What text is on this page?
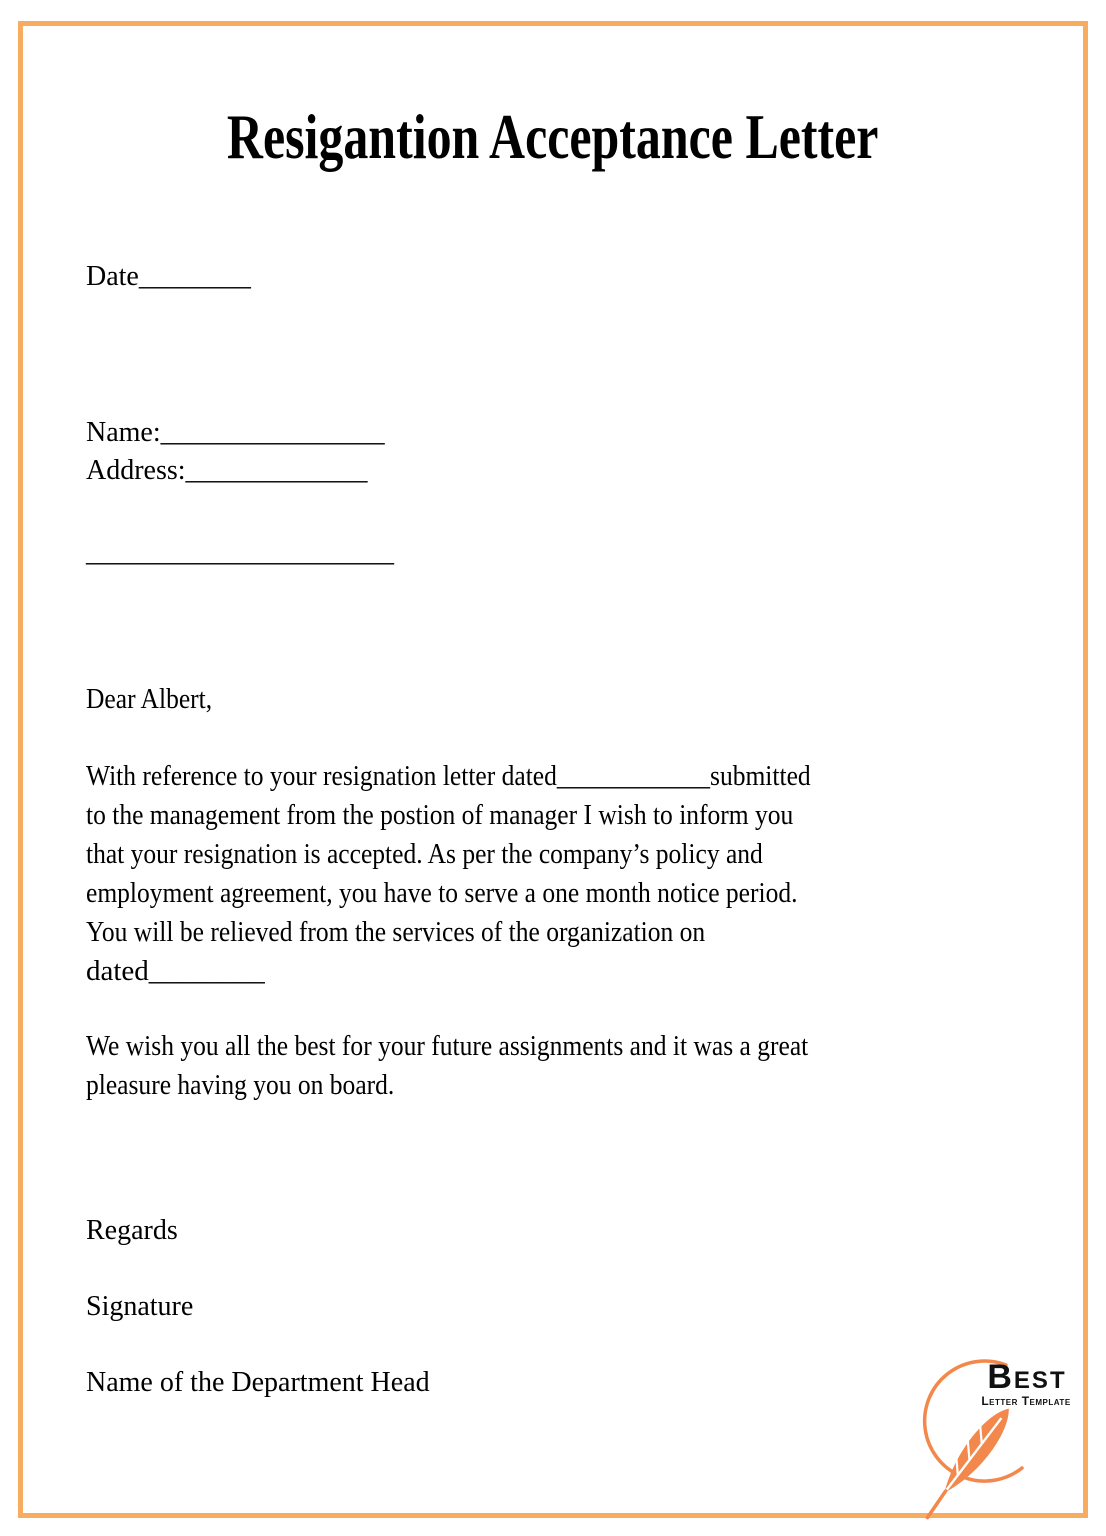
Resigantion Acceptance Letter
Date________
Name:________________
Address:_____________
______________________
Dear Albert,
With reference to your resignation letter dated____________submitted
to the management from the postion of manager I wish to inform you
that your resignation is accepted. As per the company’s policy and
employment agreement, you have to serve a one month notice period.
You will be relieved from the services of the organization on
dated________
We wish you all the best for your future assignments and it was a great
pleasure having you on board.
Regards
Signature
Name of the Department Head	Best
Letter Template
